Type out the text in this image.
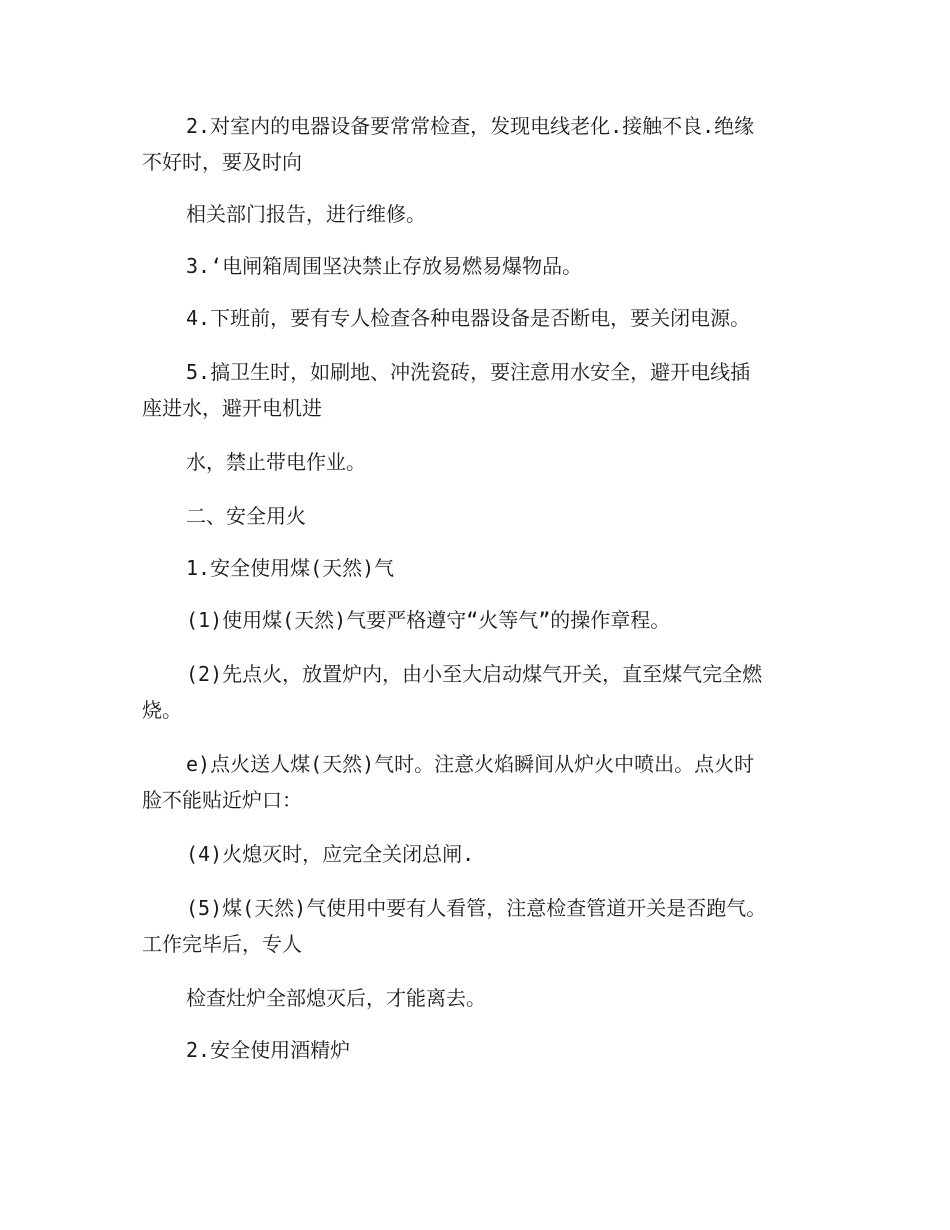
2.对室内的电器设备要常常检查，发现电线老化.接触不良.绝缘
不好时，要及时向

相关部门报告，进行维修。

3.‘电闸箱周围坚决禁止存放易燃易爆物品。

4.下班前，要有专人检查各种电器设备是否断电，要关闭电源。

5.搞卫生时，如刷地、冲洗瓷砖，要注意用水安全，避开电线插
座进水，避开电机进

水，禁止带电作业。

二、安全用火

1.安全使用煤(天然)气

(1)使用煤(天然)气要严格遵守“火等气”的操作章程。

(2)先点火，放置炉内，由小至大启动煤气开关，直至煤气完全燃
烧。

e)点火送人煤(天然)气时。注意火焰瞬间从炉火中喷出。点火时
脸不能贴近炉口：

(4)火熄灭时，应完全关闭总闸.

(5)煤(天然)气使用中要有人看管，注意检查管道开关是否跑气。
工作完毕后，专人

检查灶炉全部熄灭后，才能离去。

2.安全使用酒精炉
